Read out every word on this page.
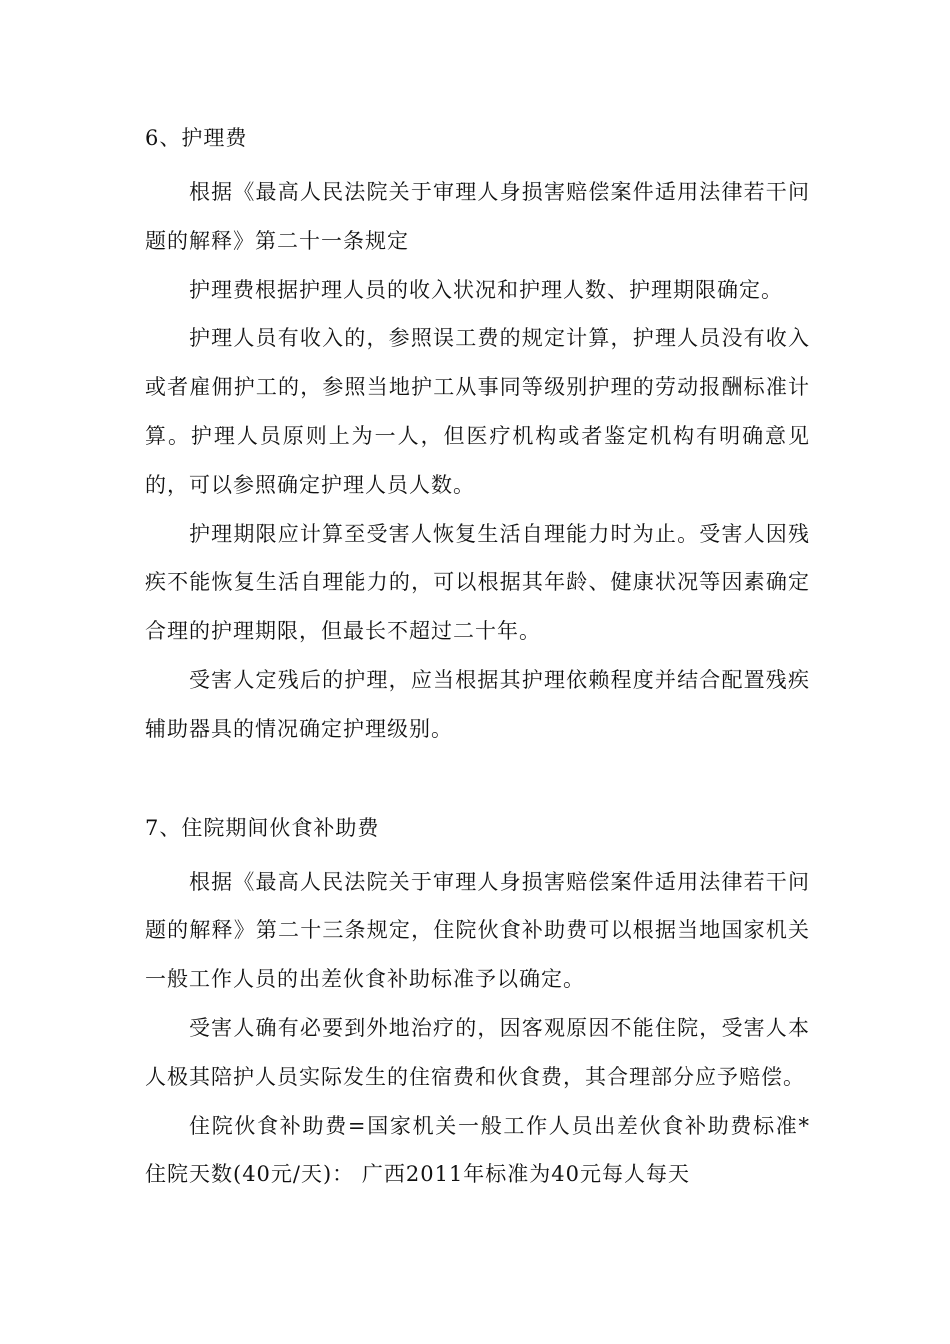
6、护理费

根据《最高人民法院关于审理人身损害赔偿案件适用法律若干问题的解释》第二十一条规定

护理费根据护理人员的收入状况和护理人数、护理期限确定。

护理人员有收入的，参照误工费的规定计算，护理人员没有收入或者雇佣护工的，参照当地护工从事同等级别护理的劳动报酬标准计算。护理人员原则上为一人，但医疗机构或者鉴定机构有明确意见的，可以参照确定护理人员人数。

护理期限应计算至受害人恢复生活自理能力时为止。受害人因残疾不能恢复生活自理能力的，可以根据其年龄、健康状况等因素确定合理的护理期限，但最长不超过二十年。

受害人定残后的护理，应当根据其护理依赖程度并结合配置残疾辅助器具的情况确定护理级别。

7、住院期间伙食补助费

根据《最高人民法院关于审理人身损害赔偿案件适用法律若干问题的解释》第二十三条规定，住院伙食补助费可以根据当地国家机关一般工作人员的出差伙食补助标准予以确定。

受害人确有必要到外地治疗的，因客观原因不能住院，受害人本人极其陪护人员实际发生的住宿费和伙食费，其合理部分应予赔偿。

住院伙食补助费=国家机关一般工作人员出差伙食补助费标准*住院天数(40元/天)： 广西2011年标准为40元每人每天
